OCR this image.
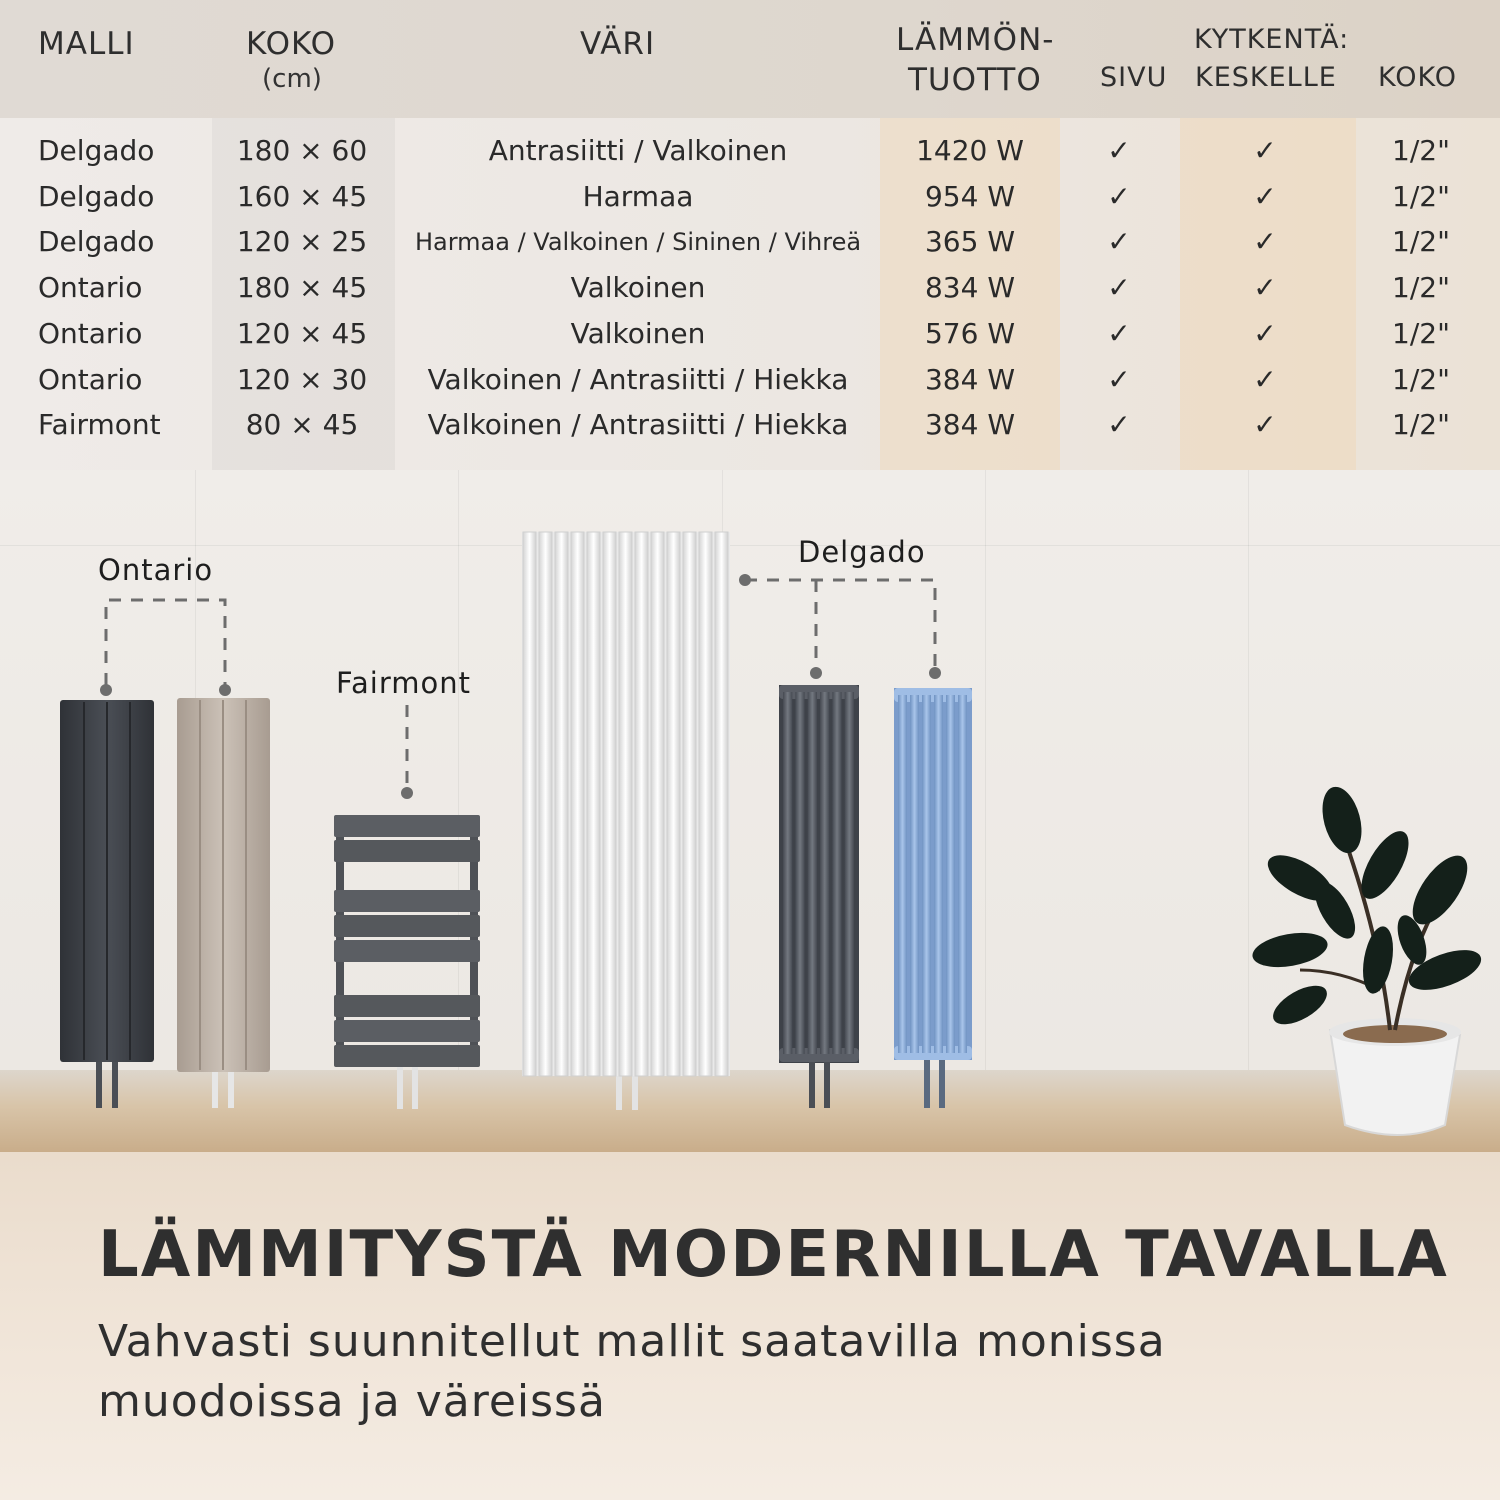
MALLI	KOKO
(cm)
VÄRI	LÄMMÖN-
TUOTTO
KYTKENTÄ:
SIVU KESKELLE KOKO
Delgado	180 × 60	Antrasiitti / Valkoinen	1420 W	✓	✓	1/2"
Delgado	160 × 45	Harmaa	954 W	✓	✓	1/2"
Delgado	120 × 25	Harmaa / Valkoinen / Sininen / Vihreä	365 W	✓	✓	1/2"
Ontario	180 × 45	Valkoinen	834 W	✓	✓	1/2"
Ontario	120 × 45	Valkoinen	576 W	✓	✓	1/2"
Ontario	120 × 30	Valkoinen / Antrasiitti / Hiekka	384 W	✓	✓	1/2"
Fairmont	80 × 45	Valkoinen / Antrasiitti / Hiekka	384 W	✓	✓	1/2"
Ontario
Fairmont
Delgado
LÄMMITYSTÄ MODERNILLA TAVALLA
Vahvasti suunnitellut mallit saatavilla monissa muodoissa ja väreissä
